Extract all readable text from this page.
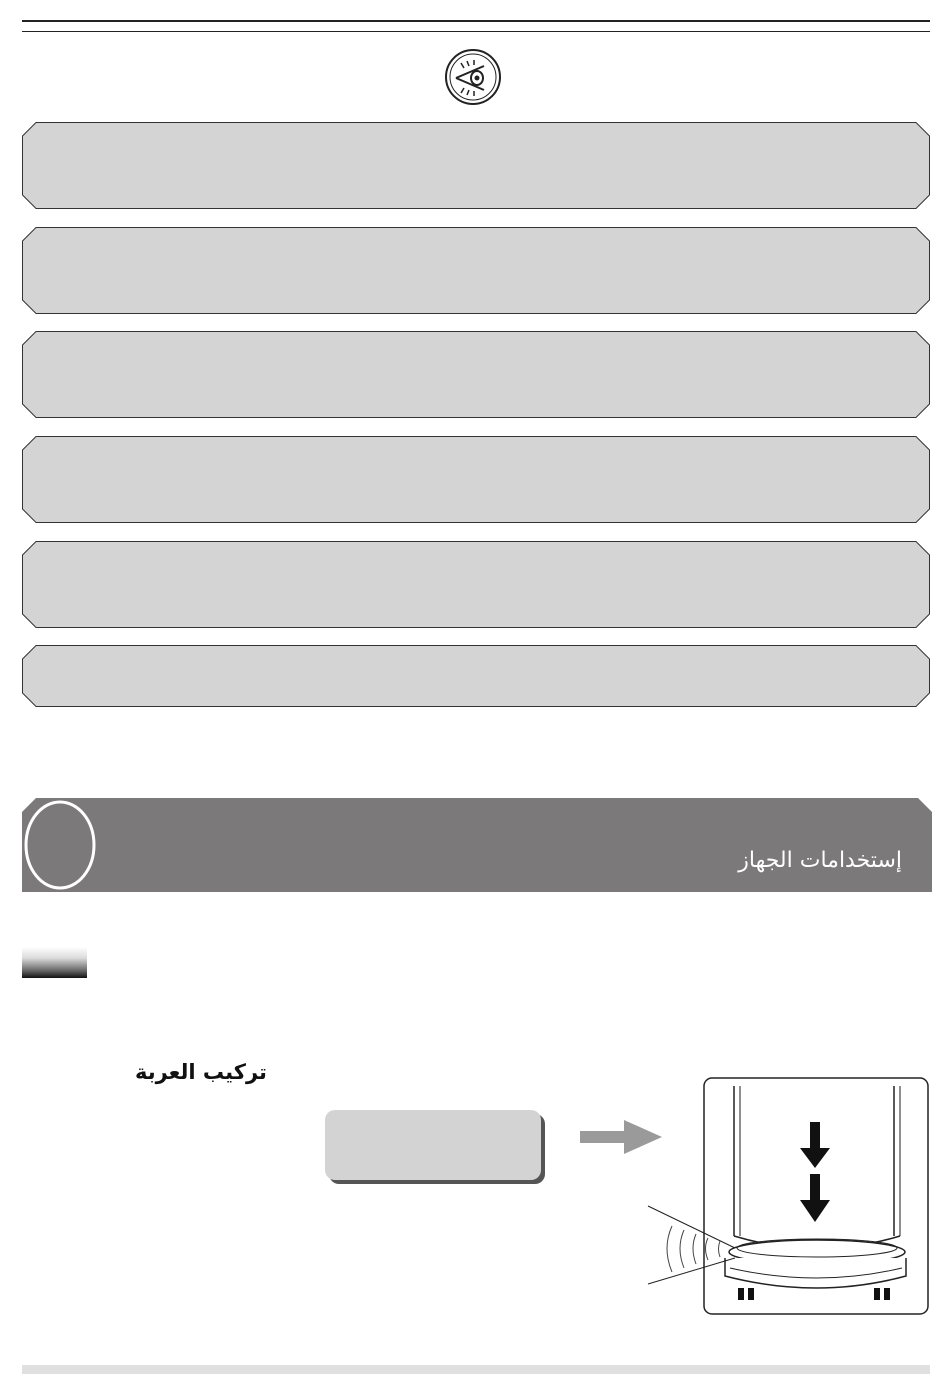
إستخدامات الجهاز
تركيب العربة
